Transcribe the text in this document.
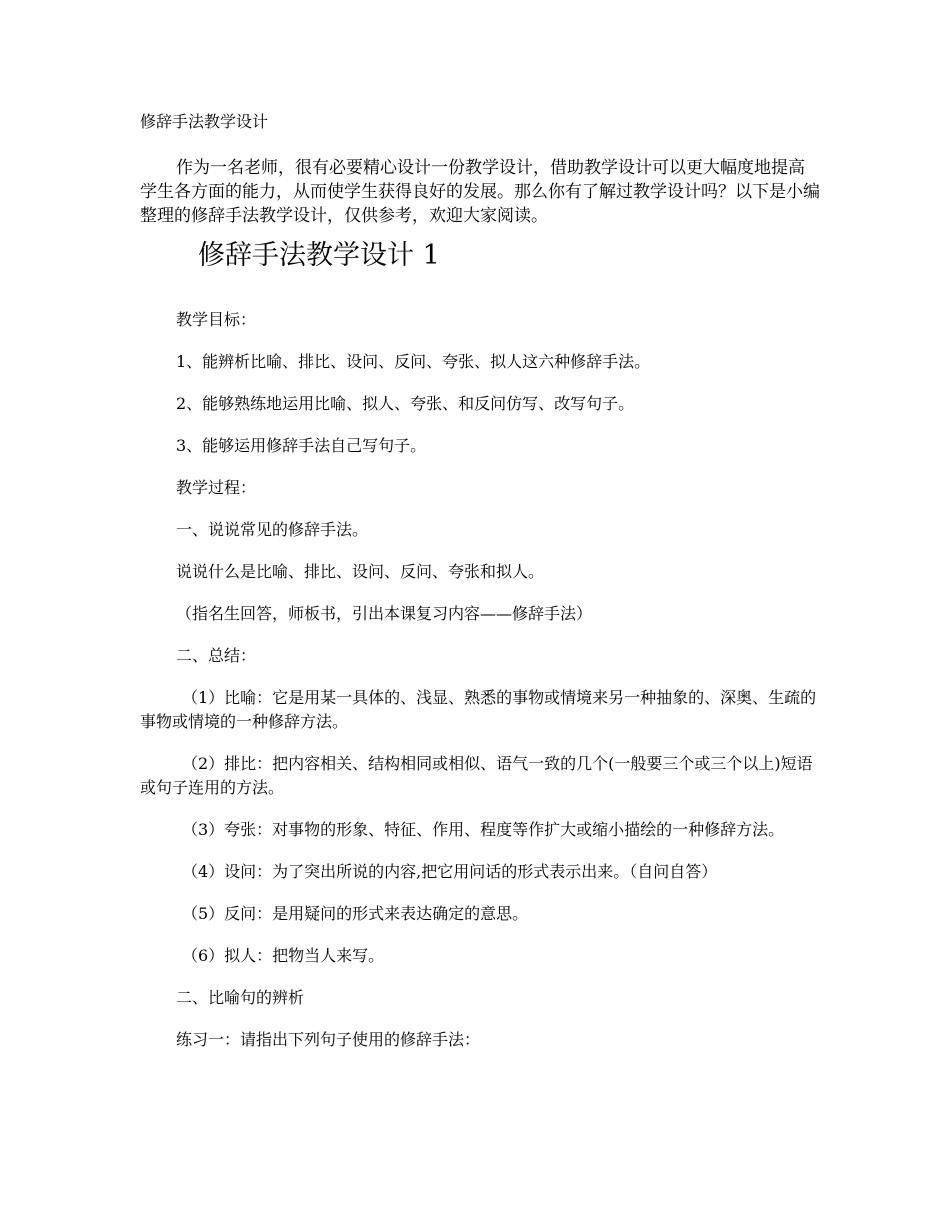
修辞手法教学设计

作为一名老师，很有必要精心设计一份教学设计，借助教学设计可以更大幅度地提高学生各方面的能力，从而使学生获得良好的发展。那么你有了解过教学设计吗？以下是小编整理的修辞手法教学设计，仅供参考，欢迎大家阅读。

修辞手法教学设计 1

教学目标：

1、能辨析比喻、排比、设问、反问、夸张、拟人这六种修辞手法。

2、能够熟练地运用比喻、拟人、夸张、和反问仿写、改写句子。

3、能够运用修辞手法自己写句子。

教学过程：

一、说说常见的修辞手法。

说说什么是比喻、排比、设问、反问、夸张和拟人。

（指名生回答，师板书，引出本课复习内容——修辞手法）

二、总结：

（1）比喻：它是用某一具体的、浅显、熟悉的事物或情境来另一种抽象的、深奥、生疏的事物或情境的一种修辞方法。

（2）排比：把内容相关、结构相同或相似、语气一致的几个(一般要三个或三个以上)短语或句子连用的方法。

（3）夸张：对事物的形象、特征、作用、程度等作扩大或缩小描绘的一种修辞方法。

（4）设问：为了突出所说的内容,把它用问话的形式表示出来。（自问自答）

（5）反问：是用疑问的形式来表达确定的意思。

（6）拟人：把物当人来写。

二、比喻句的辨析

练习一：请指出下列句子使用的修辞手法：
